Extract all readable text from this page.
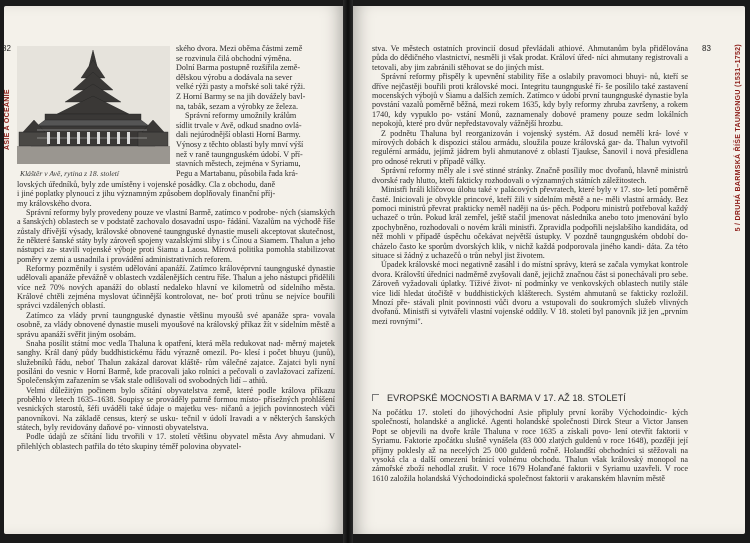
82	83
ASIE A OCEÁNIE	5 / DRUHÁ BARMSKÁ ŘÍŠE TAUNGNGU (1531–1752)
Kláštěr v Avě, rytina z 18. století
ského dvora. Mezi oběma částmi země
se rozvinula čilá obchodní výměna.
Dolní Barma postupně rozšiřila země-
dělskou výrobu a dodávala na sever
velké rýži pasty a mořské soli také rýži.
Z Horní Barmy se na jih dovážely bavl-
na, tabák, sezam a výrobky ze železa.
Správní reformy umožnily králům
sídlit trvale v Avě, odkud snadno ovlá-
dali nejúrodnější oblasti Horní Barmy.
Výnosy z těchto oblastí byly mnví výší
než v raně taungnguském údobí. V pří-
stavních městech, zejména v Syriamu,
Pegu a Martabanu, působila řada krá-
lovských úředníků, byly zde umístěny i vojenské posádky. Cla z obchodu, daně
i jiné poplatky plynoucí z jihu významným způsobem doplňovaly finanční příj-
my královského dvora.

Správní reformy byly provedeny pouze ve vlastní Barmě, zatímco v podrobe- ných (siamských a šanských) oblastech se v podstatě zachovalo dosavadní uspo- řádání. Vazalům na východě říše zůstaly dřívější výsady, královské obnovené taungnguské dynastie museli akceptovat skutečnost, že některé šanské státy byly zároveň spojeny vazalskými sliby i s Čínou a Siamem. Thalun a jeho nástupci za- stavili vojenské výboje proti Siamu a Laosu. Mírová politika pomohla stabilizovat poměry v zemi a usnadnila i provádění administrativních reforem.

Reformy pozměnily i systém udělování apanáží. Zatímco královéprvní taungnguské dynastie udělovali apanáže převážně v oblastech vzdálenějších centru říše. Thalun a jeho nástupci přidělili více než 70% nových apanáží do oblastí nedaleko hlavní ve kilometrů od sídelního města. Králové chtěli zejména myslovat účinnější kontrolovat, ne- boť proti trůnu se nejvíce bouřili správci vzdálených oblastí.

Zatímco za vlády první taungnguské dynastie většinu myoušů své apanáže spra- vovala osobně, za vlády obnovené dynastie museli myoušové na královský příkaz žít v sídelním městě a správu apanáží svěřit jiným osobám.

Snaha posílit státní moc vedla Thaluna k opatření, která měla redukovat nad- měrný majetek sanghy. Král daný půdy buddhistickému řádu výrazně omezil. Po- klesí i počet bhuyu (junů), služebníků řádu, neboť Thalun zakázal darovat kláště- rům válečné zajatce. Zajatci byli nyní posíláni do vesnic v Horní Barmě, kde pracovali jako rolníci a pečovali o zavlažovací zařízení. Společenským zařazením se však stale odlišovali od svobodných lidí – athiů.

Velmi důležitým počinem bylo sčítání obyvatelstva země, které podle králova příkazu proběhlo v letech 1635–1638. Soupisy se prováděly patrně formou místo- přísežných prohlášení vesnických starostů, šéfi uváděli také údaje o majetku ves- ničanů a jejich povinnostech vůči panovníkovi. Na základě census, který se usku- tečnil v údolí Iravadi a v některých šanských státech, byly revidovány daňové po- vinnosti obyvatelstva.

Podle údajů ze sčítání lidu trvořili v 17. století většinu obyvatel města Avy ahmudani. V přilehlých oblastech patřila do této skupiny téměř polovina obyvatel-

stva. Ve městech ostatních provincií dosud převládali athiové. Ahmutanům byla přidělována půda do dědičného vlastnictví, nesměli ji však prodat. Královí úřed- níci ahmutany registrovali a tetovali, aby jim zabránili stěhovat se do jiných míst.

Správní reformy přispěly k upevnění stability říše a oslabily pravomoci bhuyi- nů, kteří se dříve nejčastěji bouřili proti královské moci. Integritu taungnguské ří- še posílilo také zastavení mocenských výbojů v Siamu a dalších zemích. Zatímco v údobí první taungnguské dynastie byla povstání vazalů poměrně běžná, mezi rokem 1635, kdy byly reformy zhruba završeny, a rokem 1740, kdy vypuklo po- vstání Monů, zaznamenaly dobové prameny pouze sedm lokálních nepokojů, které pro dvůr nepředstavovaly vážnější hrozbu.

Z podnětu Thaluna byl reorganizován i vojenský systém. Až dosud nemělí krá- lové v mírových dobách k dispozici stálou armádu, sloužila pouze královská gar- da. Thalun vytvořil regulérní armádu, jejímž jádrem byli ahmutanové z oblastí Tjaukse, Šanovil i nová přesídlena pro odnosé rekruti v případě války.

Správní reformy měly ale i své stinné stránky. Značně posílily moc dvořanů, hlavně ministrů dvorské rady hlutto, kteří fakticky rozhodovali o významných státních záležitostech.

Ministři hráli klíčovou úlohu také v palácových převratech, které byly v 17. sto- letí poměrně časté. Iniciovali je obvykle princové, kteří žili v sídelním městě a ne- měli vlastní armády. Bez pomoci ministrů převrat prakticky neměl naději na ús- pěch. Podporu ministrů potřeboval každý uchazeč o trůn. Pokud král zemřel, ještě stačil jmenovat následníka anebo toto jmenování bylo zpochybněno, rozhodovali o novém králi ministři. Zpravidla podpořili nejslabšího kandidáta, od něž mohli v případě úspěchu očekávat největší ústupky. V pozdně taungnguském období do- cházelo často ke sporům dvorských klik, v nichž každá podporovala jiného kandi- dáta. Za této situace si žádný z uchazečů o trůn nebyl jist životem.

Úpadek královské moci negativně zasáhl i do místní správy, která se začala vymykat kontrole dvora. Královští úředníci nadměrně zvyšovali daně, jejichž značnou část si ponechávali pro sebe. Zároveň vyžadovali úplatky. Tíživé život- ní podmínky ve venkovských oblastech nutily stále více lidí hledat útočiště v buddhistických klášterech. Systém ahmutanů se fakticky rozložil. Mnozí pře- stávali plnit povinnosti vůči dvoru a vstupovali do soukromých služeb vlivných dvořanů. Ministři si vytvářeli vlastní vojenské oddíly. V 18. století byl panovník již jen „prvním mezi rovnými".

EVROPSKÉ MOCNOSTI A BARMA V 17. AŽ 18. STOLETÍ

Na počátku 17. století do jihovýchodní Asie připluly první koráby Východoindic- kých společností, holandské a anglické. Agenti holandské společnosti Dirck Steur a Victor Jansen Popt se objevili na dvoře krále Thaluna v roce 1635 a získali povo- lení otevřít faktorii v Syriamu. Faktorie zpočátku slušně vynášela (83 000 zlatých guldenů v roce 1648), později její příjmy poklesly až na necelých 25 000 guldenů ročně. Holandští obchodníci si stěžovali na vysoká cla a další omezení bránicí volnému obchodu. Thalun však královský monopol na zámořské zboží nehodlal zrušit. V roce 1679 Holanďané faktorii v Syriamu uzavřeli. V roce 1610 založila holandská Východoindická společnost faktorii v arakanském hlavním městě
